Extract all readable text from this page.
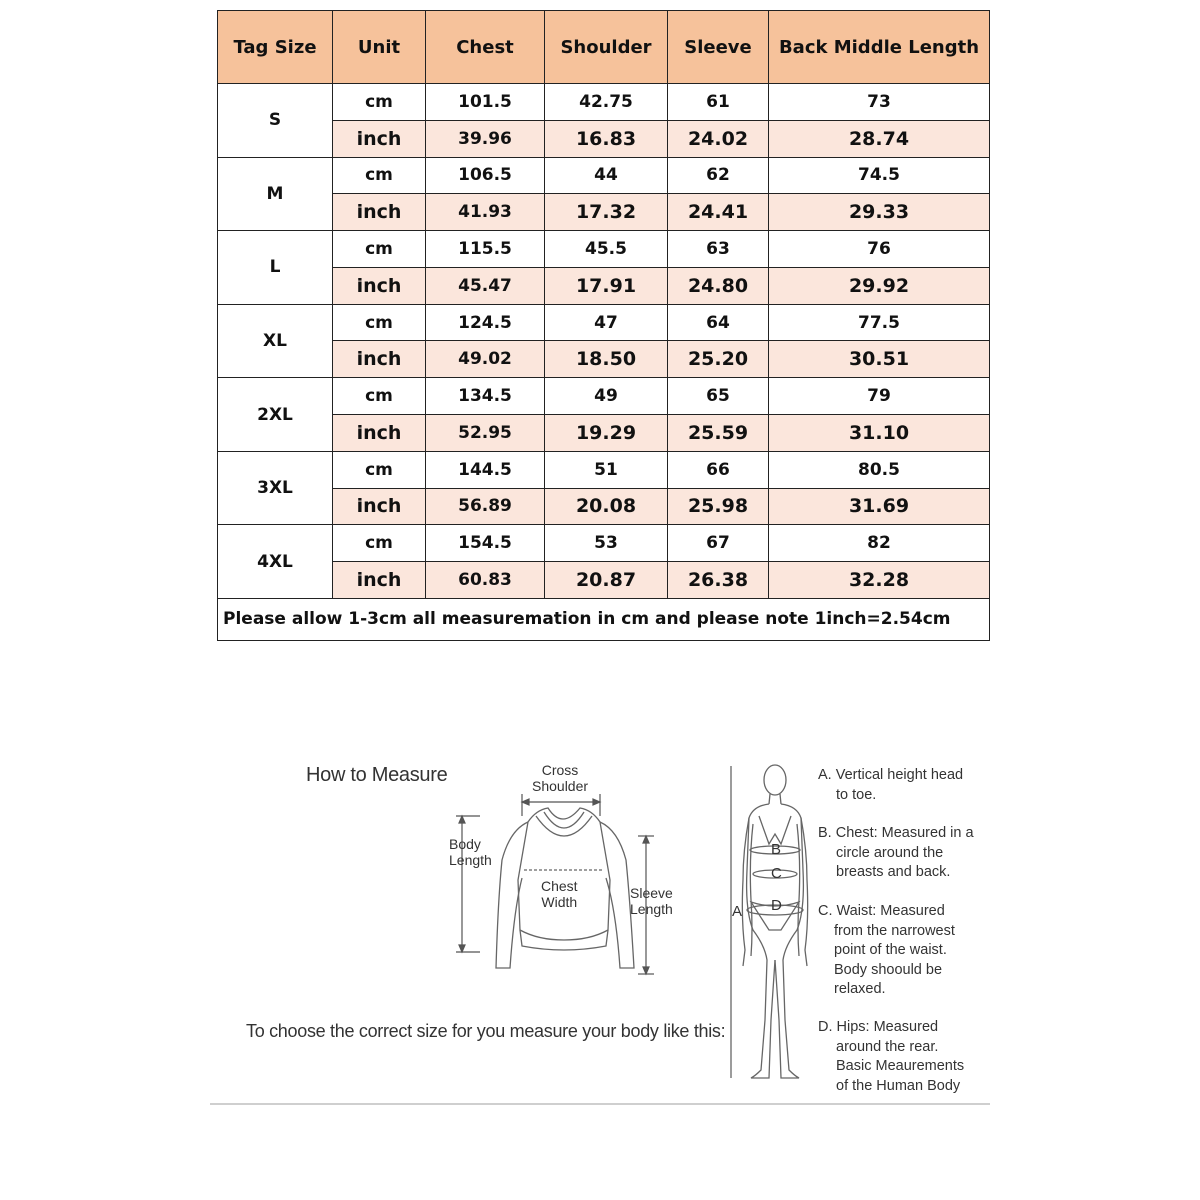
Tag Size	Unit	Chest	Shoulder	Sleeve	Back Middle Length
S	cm	101.5	42.75	61	73
	inch	39.96	16.83	24.02	28.74
M	cm	106.5	44	62	74.5
	inch	41.93	17.32	24.41	29.33
L	cm	115.5	45.5	63	76
	inch	45.47	17.91	24.80	29.92
XL	cm	124.5	47	64	77.5
	inch	49.02	18.50	25.20	30.51
2XL	cm	134.5	49	65	79
	inch	52.95	19.29	25.59	31.10
3XL	cm	144.5	51	66	80.5
	inch	56.89	20.08	25.98	31.69
4XL	cm	154.5	53	67	82
	inch	60.83	20.87	26.38	32.28
Please allow 1-3cm all measuremation in cm and please note 1inch=2.54cm					
How to Measure	Cross
Shoulder
Body
Length
Chest
Width
Sleeve
Length
To choose the correct size for you measure your body like this:
A
B
C
D
A. Vertical height head
to toe.
B. Chest: Measured in a
circle around the
breasts and back.
C. Waist: Measured
from the narrowest
point of the waist.
Body shoould be
relaxed.
D. Hips: Measured
around the rear.
Basic Meaurements
of the Human Body
